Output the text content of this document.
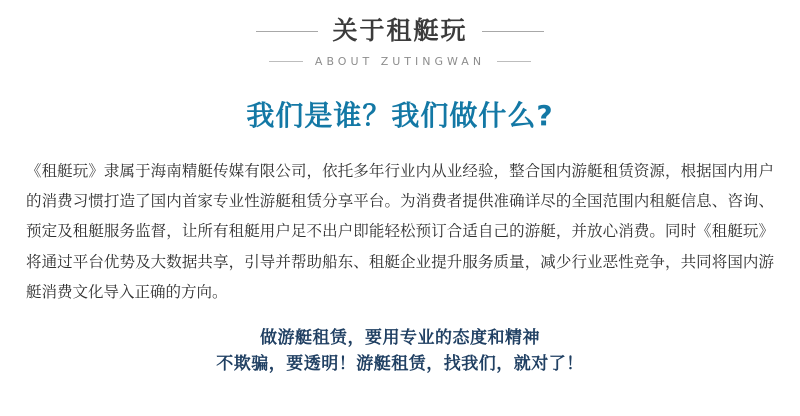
关于租艇玩
ABOUT ZUTINGWAN
我们是谁？我们做什么?
《租艇玩》隶属于海南精艇传媒有限公司，依托多年行业内从业经验，整合国内游艇租赁资源，根据国内用户的消费习惯打造了国内首家专业性游艇租赁分享平台。为消费者提供准确详尽的全国范围内租艇信息、咨询、预定及租艇服务监督，让所有租艇用户足不出户即能轻松预订合适自己的游艇，并放心消费。同时《租艇玩》将通过平台优势及大数据共享，引导并帮助船东、租艇企业提升服务质量，减少行业恶性竞争，共同将国内游艇消费文化导入正确的方向。
做游艇租赁，要用专业的态度和精神
不欺骗，要透明！游艇租赁，找我们，就对了！
